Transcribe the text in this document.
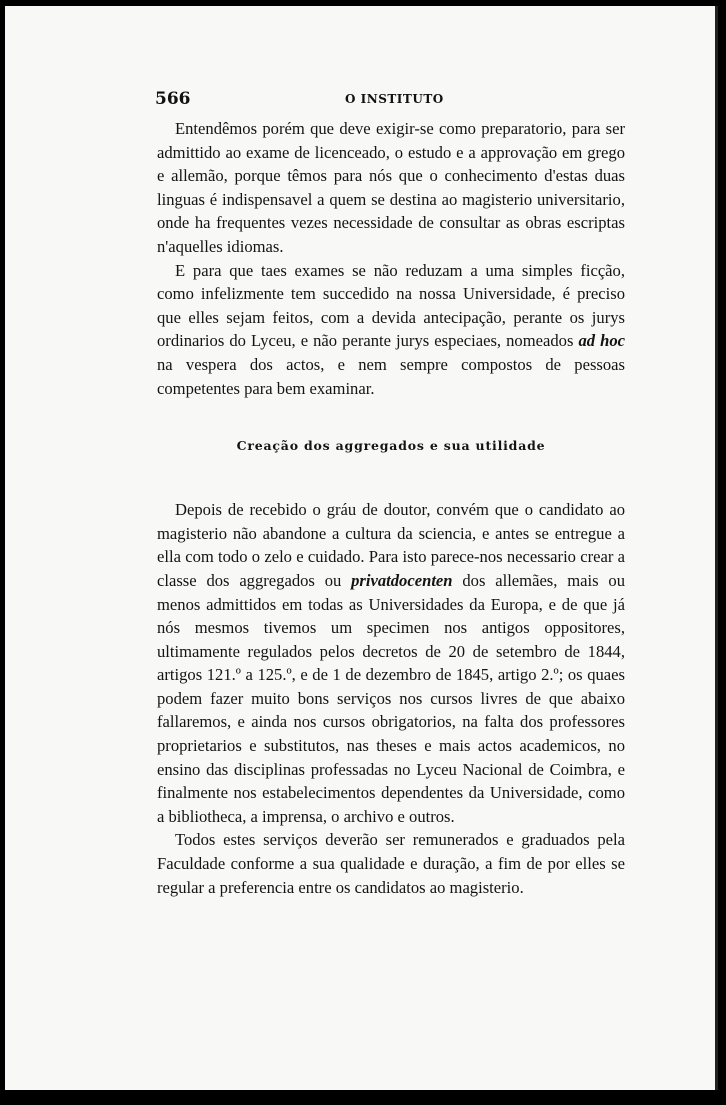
566	O INSTITUTO

Entendêmos porém que deve exigir-se como preparatorio, para ser admittido ao exame de licenceado, o estudo e a approvação em grego e allemão, porque têmos para nós que o conhecimento d'estas duas linguas é indispensavel a quem se destina ao magisterio universitario, onde ha frequentes vezes necessidade de consultar as obras escriptas n'aquelles idiomas.

E para que taes exames se não reduzam a uma simples ficção, como infelizmente tem succedido na nossa Universidade, é preciso que elles sejam feitos, com a devida antecipação, perante os jurys ordinarios do Lyceu, e não perante jurys especiaes, nomeados ad hoc na vespera dos actos, e nem sempre compostos de pessoas competentes para bem examinar.

Creação dos aggregados e sua utilidade

Depois de recebido o gráu de doutor, convém que o candidato ao magisterio não abandone a cultura da sciencia, e antes se entregue a ella com todo o zelo e cuidado. Para isto parece-nos necessario crear a classe dos aggregados ou privatdocenten dos allemães, mais ou menos admittidos em todas as Universidades da Europa, e de que já nós mesmos tivemos um specimen nos antigos oppositores, ultimamente regulados pelos decretos de 20 de setembro de 1844, artigos 121.º a 125.º, e de 1 de dezembro de 1845, artigo 2.º; os quaes podem fazer muito bons serviços nos cursos livres de que abaixo fallaremos, e ainda nos cursos obrigatorios, na falta dos professores proprietarios e substitutos, nas theses e mais actos academicos, no ensino das disciplinas professadas no Lyceu Nacional de Coimbra, e finalmente nos estabelecimentos dependentes da Universidade, como a bibliotheca, a imprensa, o archivo e outros.

Todos estes serviços deverão ser remunerados e graduados pela Faculdade conforme a sua qualidade e duração, a fim de por elles se regular a preferencia entre os candidatos ao magisterio.
